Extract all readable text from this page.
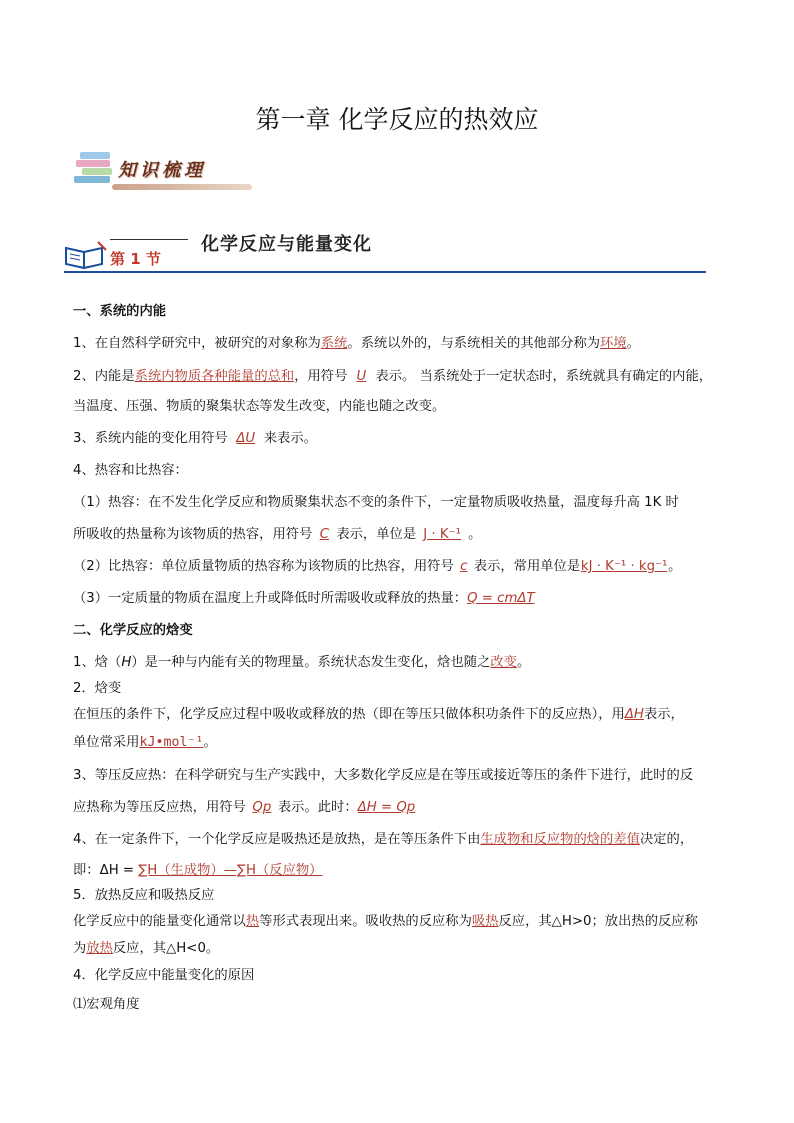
第一章 化学反应的热效应
知识梳理
第 1 节
化学反应与能量变化
一、系统的内能
1、在自然科学研究中，被研究的对象称为系统。系统以外的，与系统相关的其他部分称为环境。
2、内能是系统内物质各种能量的总和，用符号 U 表示。 当系统处于一定状态时，系统就具有确定的内能，
当温度、压强、物质的聚集状态等发生改变，内能也随之改变。
3、系统内能的变化用符号 ΔU 来表示。
4、热容和比热容：
（1）热容：在不发生化学反应和物质聚集状态不变的条件下，一定量物质吸收热量，温度每升高 1K 时
所吸收的热量称为该物质的热容，用符号 C 表示，单位是 J · K⁻¹ 。
（2）比热容：单位质量物质的热容称为该物质的比热容，用符号 c 表示，常用单位是kJ · K⁻¹ · kg⁻¹。
（3）一定质量的物质在温度上升或降低时所需吸收或释放的热量：Q = cmΔT
二、化学反应的焓变
1、焓（H）是一种与内能有关的物理量。系统状态发生变化，焓也随之改变。
2．焓变
在恒压的条件下，化学反应过程中吸收或释放的热（即在等压只做体积功条件下的反应热），用ΔH表示，
单位常采用kJ•mol⁻¹。
3、等压反应热：在科学研究与生产实践中，大多数化学反应是在等压或接近等压的条件下进行，此时的反
应热称为等压反应热，用符号 Qp 表示。此时：ΔH = Qp
4、在一定条件下，一个化学反应是吸热还是放热，是在等压条件下由生成物和反应物的焓的差值决定的，
即：ΔH = ∑H（生成物）—∑H（反应物）
5．放热反应和吸热反应
化学反应中的能量变化通常以热等形式表现出来。吸收热的反应称为吸热反应，其△H>0；放出热的反应称
为放热反应，其△H<0。
4．化学反应中能量变化的原因
⑴宏观角度
